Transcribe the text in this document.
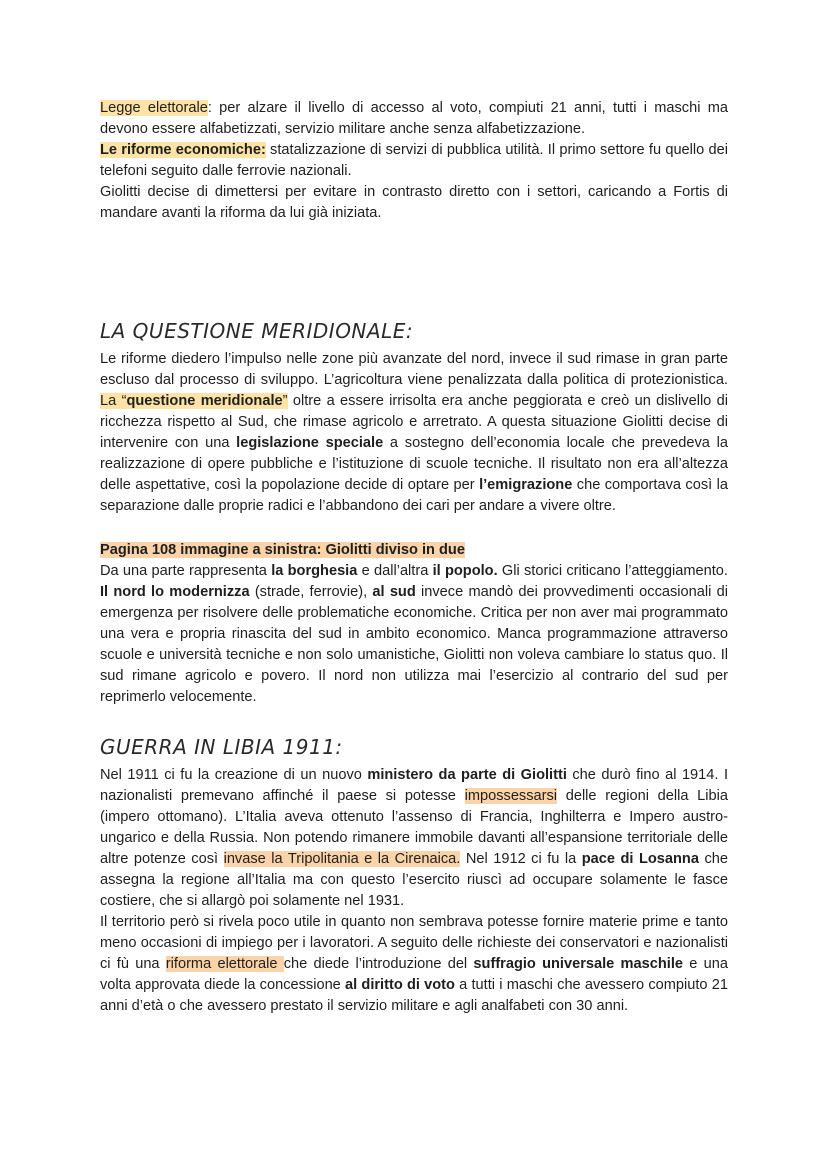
Legge elettorale: per alzare il livello di accesso al voto, compiuti 21 anni, tutti i maschi ma devono essere alfabetizzati, servizio militare anche senza alfabetizzazione.

Le riforme economiche: statalizzazione di servizi di pubblica utilità. Il primo settore fu quello dei telefoni seguito dalle ferrovie nazionali.

Giolitti decise di dimettersi per evitare in contrasto diretto con i settori, caricando a Fortis di mandare avanti la riforma da lui già iniziata.

LA QUESTIONE MERIDIONALE:

Le riforme diedero l’impulso nelle zone più avanzate del nord, invece il sud rimase in gran parte escluso dal processo di sviluppo. L’agricoltura viene penalizzata dalla politica di protezionistica. La “questione meridionale” oltre a essere irrisolta era anche peggiorata e creò un dislivello di ricchezza rispetto al Sud, che rimase agricolo e arretrato. A questa situazione Giolitti decise di intervenire con una legislazione speciale a sostegno dell’economia locale che prevedeva la realizzazione di opere pubbliche e l’istituzione di scuole tecniche. Il risultato non era all’altezza delle aspettative, così la popolazione decide di optare per l’emigrazione che comportava così la separazione dalle proprie radici e l’abbandono dei cari per andare a vivere oltre.

Pagina 108 immagine a sinistra: Giolitti diviso in due

Da una parte rappresenta la borghesia e dall’altra il popolo. Gli storici criticano l’atteggiamento. Il nord lo modernizza (strade, ferrovie), al sud invece mandò dei provvedimenti occasionali di emergenza per risolvere delle problematiche economiche. Critica per non aver mai programmato una vera e propria rinascita del sud in ambito economico. Manca programmazione attraverso scuole e università tecniche e non solo umanistiche, Giolitti non voleva cambiare lo status quo. Il sud rimane agricolo e povero. Il nord non utilizza mai l’esercizio al contrario del sud per reprimerlo velocemente.

GUERRA IN LIBIA 1911:

Nel 1911 ci fu la creazione di un nuovo ministero da parte di Giolitti che durò fino al 1914. I nazionalisti premevano affinché il paese si potesse impossessarsi delle regioni della Libia (impero ottomano). L’Italia aveva ottenuto l’assenso di Francia, Inghilterra e Impero austro-ungarico e della Russia. Non potendo rimanere immobile davanti all’espansione territoriale delle altre potenze così invase la Tripolitania e la Cirenaica. Nel 1912 ci fu la pace di Losanna che assegna la regione all’Italia ma con questo l’esercito riuscì ad occupare solamente le fasce costiere, che si allargò poi solamente nel 1931.

Il territorio però si rivela poco utile in quanto non sembrava potesse fornire materie prime e tanto meno occasioni di impiego per i lavoratori. A seguito delle richieste dei conservatori e nazionalisti ci fù una riforma elettorale che diede l’introduzione del suffragio universale maschile e una volta approvata diede la concessione al diritto di voto a tutti i maschi che avessero compiuto 21 anni d’età o che avessero prestato il servizio militare e agli analfabeti con 30 anni.
